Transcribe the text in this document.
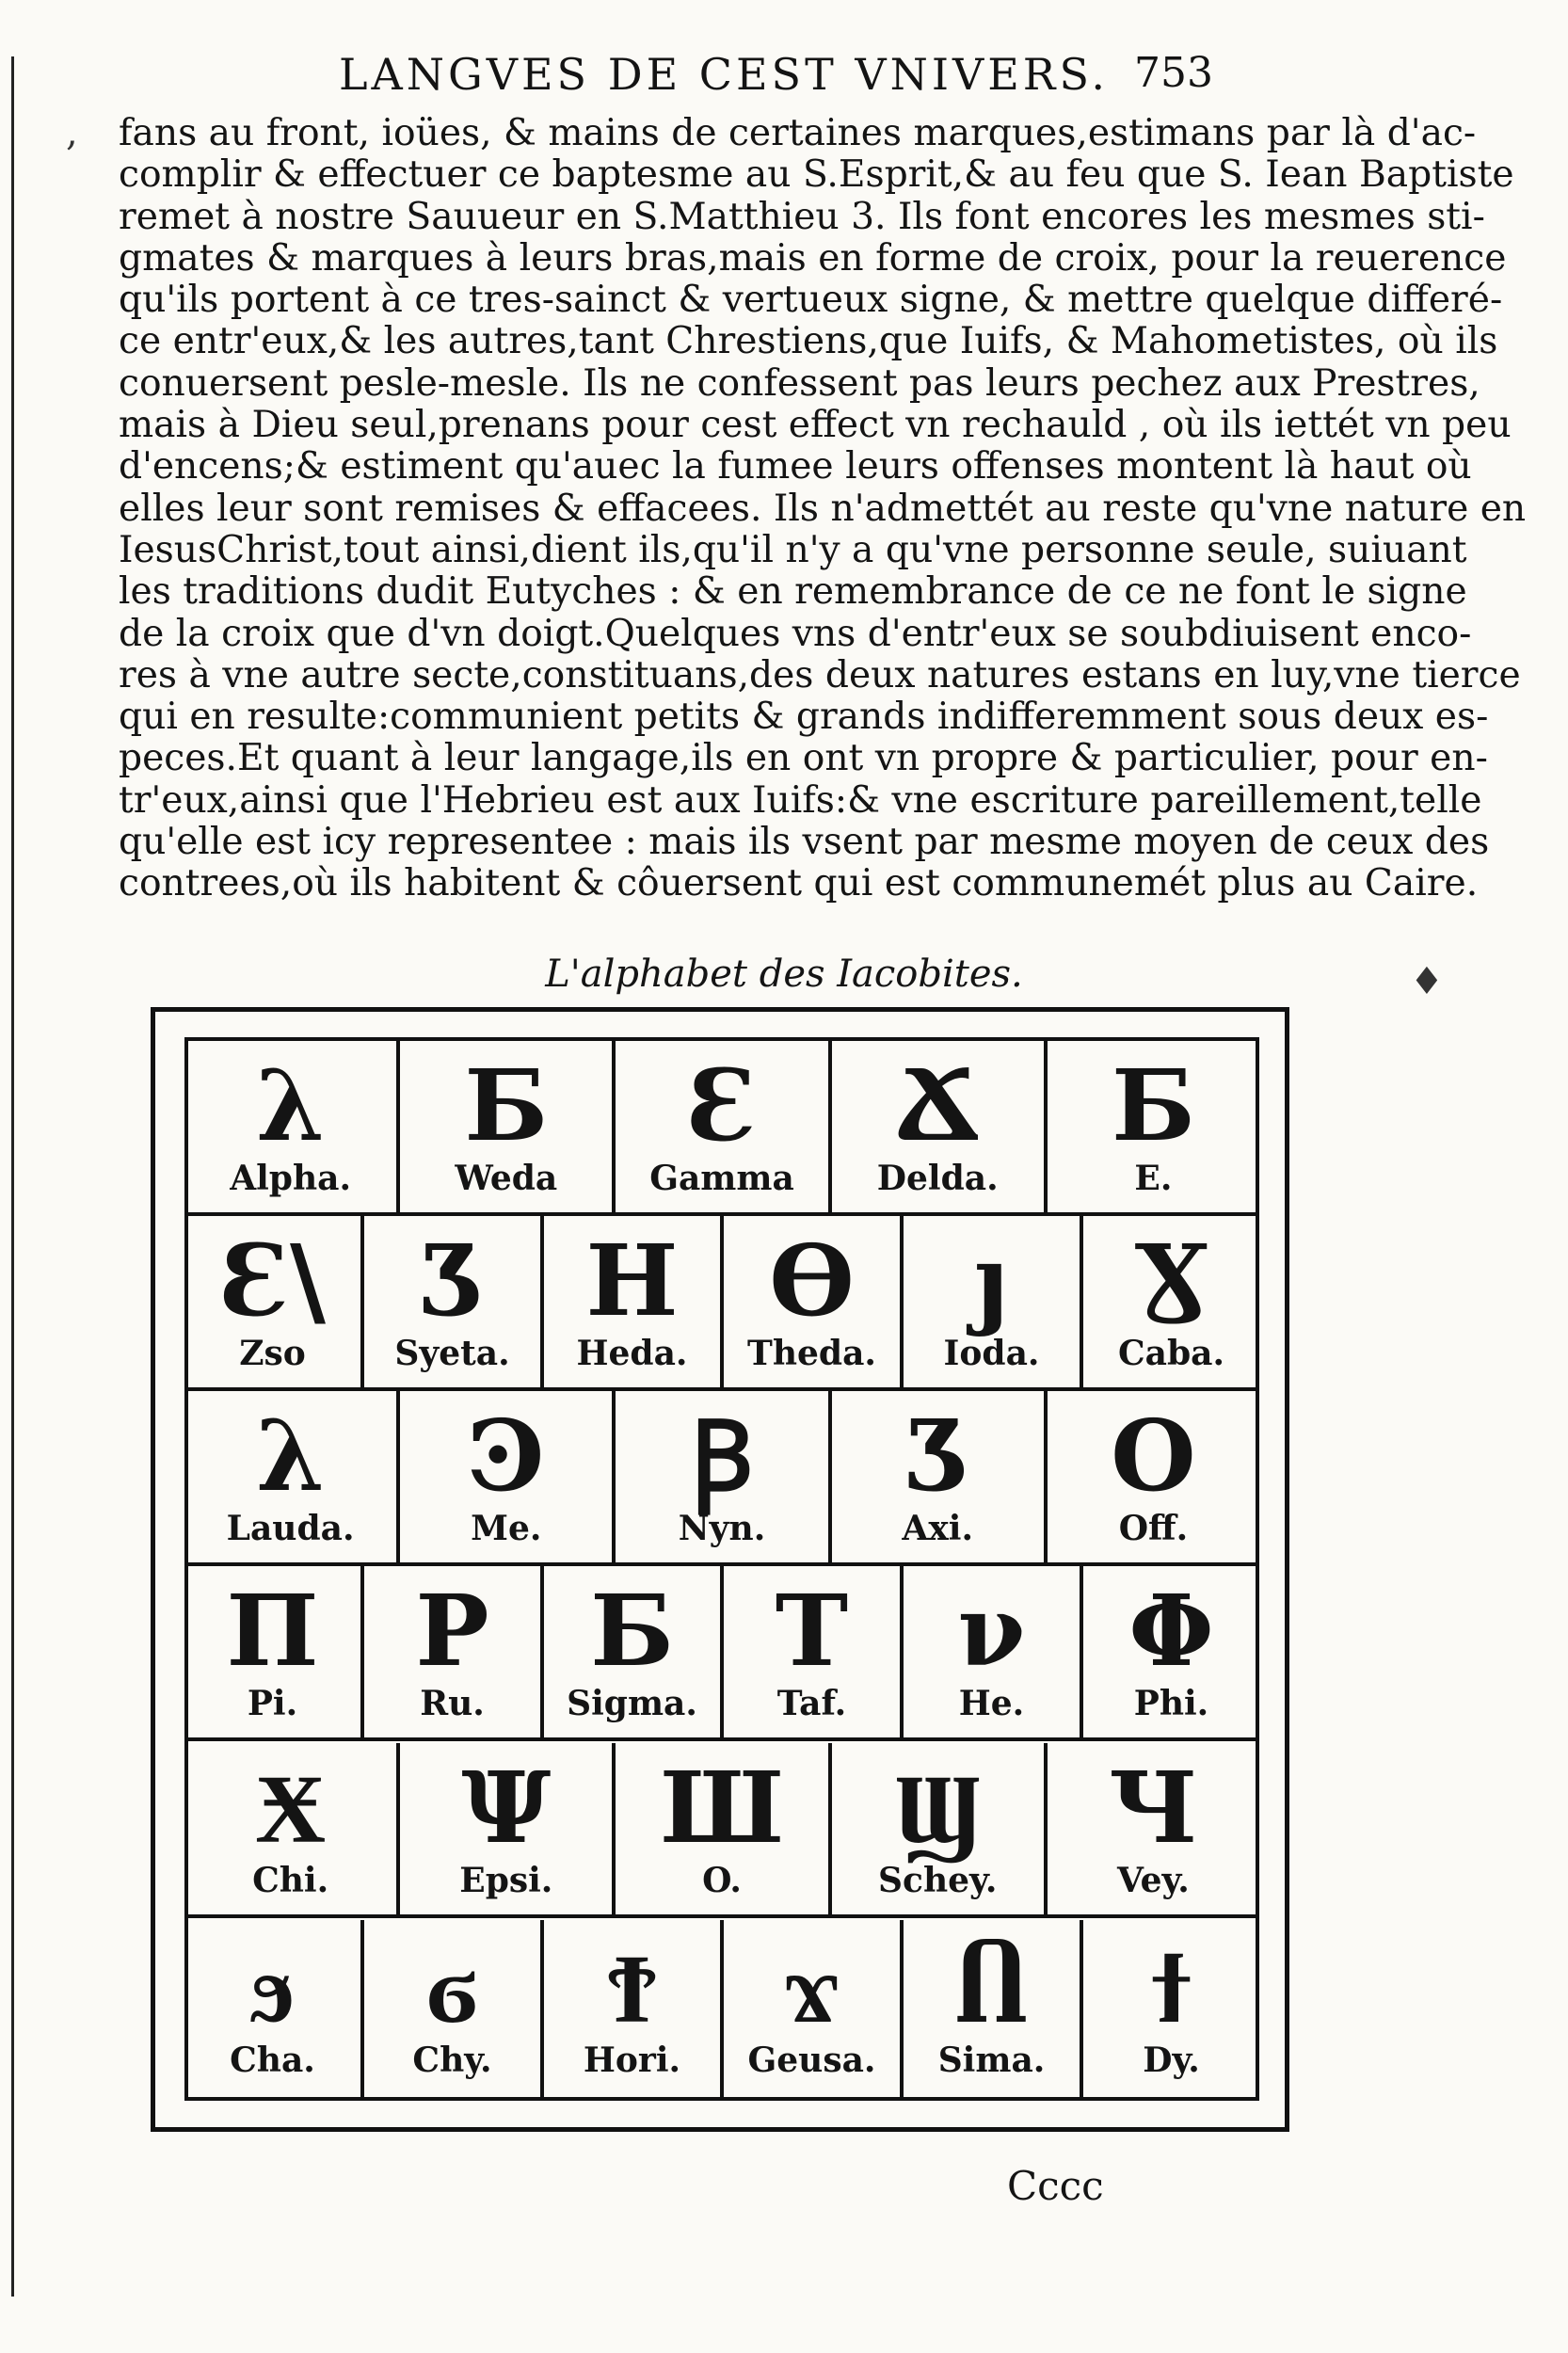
,
♦
LANGVES DE CEST VNIVERS. 753
fans au front, ioües, & mains de certaines marques,estimans par là d'ac-
complir & effectuer ce baptesme au S.Esprit,& au feu que S. Iean Baptiste
remet à nostre Sauueur en S.Matthieu 3. Ils font encores les mesmes sti-
gmates & marques à leurs bras,mais en forme de croix, pour la reuerence
qu'ils portent à ce tres-sainct & vertueux signe, & mettre quelque differé-
ce entr'eux,& les autres,tant Chrestiens,que Iuifs, & Mahometistes, où ils
conuersent pesle-mesle. Ils ne confessent pas leurs pechez aux Prestres,
mais à Dieu seul,prenans pour cest effect vn rechauld , où ils iettét vn peu
d'encens;& estiment qu'auec la fumee leurs offenses montent là haut où
elles leur sont remises & effacees. Ils n'admettét au reste qu'vne nature en
IesusChrist,tout ainsi,dient ils,qu'il n'y a qu'vne personne seule, suiuant
les traditions dudit Eutyches : & en remembrance de ce ne font le signe
de la croix que d'vn doigt.Quelques vns d'entr'eux se soubdiuisent enco-
res à vne autre secte,constituans,des deux natures estans en luy,vne tierce
qui en resulte:communient petits & grands indifferemment sous deux es-
peces.Et quant à leur langage,ils en ont vn propre & particulier, pour en-
tr'eux,ainsi que l'Hebrieu est aux Iuifs:& vne escriture pareillement,telle
qu'elle est icy representee : mais ils vsent par mesme moyen de ceux des
contrees,où ils habitent & côuersent qui est communemét plus au Caire.
L'alphabet des Iacobites.
λ
Alpha.
Б
Weda
Ɛ
Gamma
Ճ
Delda.
Ƃ
E.
Ɛ\
Zso
Ʒ
Syeta.
H
Heda.
Ѳ
Theda.
ȷ
Ioda.
Ɣ
Caba.
λ
Lauda.
Ꜿ
Me.
Ꞵ
Nyn.
Ӡ
Axi.
O
Off.
Π
Pi.
P
Ru.
Ƃ
Sigma.
T
Taf.
ν
He.
Φ
Phi.
Ӿ
Chi.
Ψ
Epsi.
Ш
O.
Ϣ
Schey.
Ч
Vey.
ϧ
Cha.
ϭ
Chy.
Ϯ
Hori.
ϫ
Geusa.
Ⴖ
Sima.
ϯ
Dy.
Cccc
